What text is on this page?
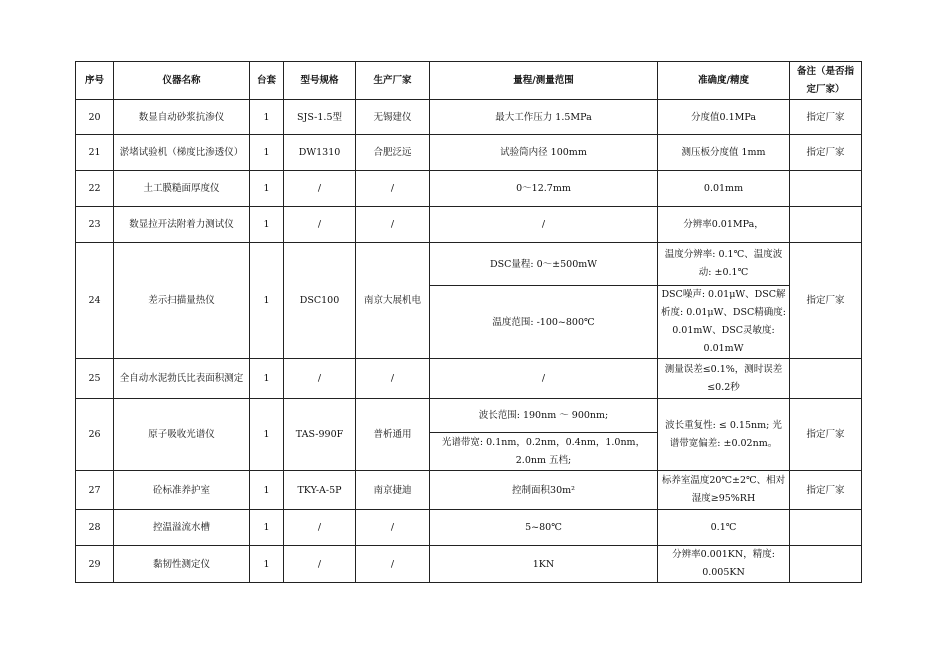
序号	仪器名称	台套	型号规格	生产厂家	量程/测量范围	准确度/精度	备注（是否指定厂家）
20	数显自动砂浆抗渗仪	1	SJS-1.5型	无锡建仪	最大工作压力 1.5MPa	分度值0.1MPa	指定厂家
21	淤堵试验机（梯度比渗透仪）	1	DW1310	合肥泛远	试验筒内径 100mm	测压板分度值 1mm	指定厂家
22	土工膜糙面厚度仪	1	/	/	0～12.7mm	0.01mm	
23	数显拉开法附着力测试仪	1	/	/	/	分辨率0.01MPa，	
24	差示扫描量热仪	1	DSC100	南京大展机电	DSC量程: 0～±500mW	温度分辨率: 0.1℃、温度波动: ±0.1℃	指定厂家
					温度范围: -100~800℃	DSC噪声: 0.01μW、DSC解析度: 0.01μW、DSC精确度: 0.01mW、DSC灵敏度: 0.01mW	
25	全自动水泥勃氏比表面积测定	1	/	/	/	测量误差≤0.1%，测时误差≤0.2秒	
26	原子吸收光谱仪	1	TAS-990F	普析通用	波长范围: 190nm ～ 900nm;	波长重复性: ≤ 0.15nm; 光谱带宽偏差: ±0.02nm。	指定厂家
					光谱带宽: 0.1nm，0.2nm，0.4nm，1.0nm，2.0nm 五档;		
27	砼标准养护室	1	TKY-A-5P	南京捷迪	控制面积30m²	标养室温度20℃±2℃、相对湿度≥95%RH	指定厂家
28	控温溢流水槽	1	/	/	5~80℃	0.1℃	
29	黏韧性测定仪	1	/	/	1KN	分辨率0.001KN，精度: 0.005KN	
